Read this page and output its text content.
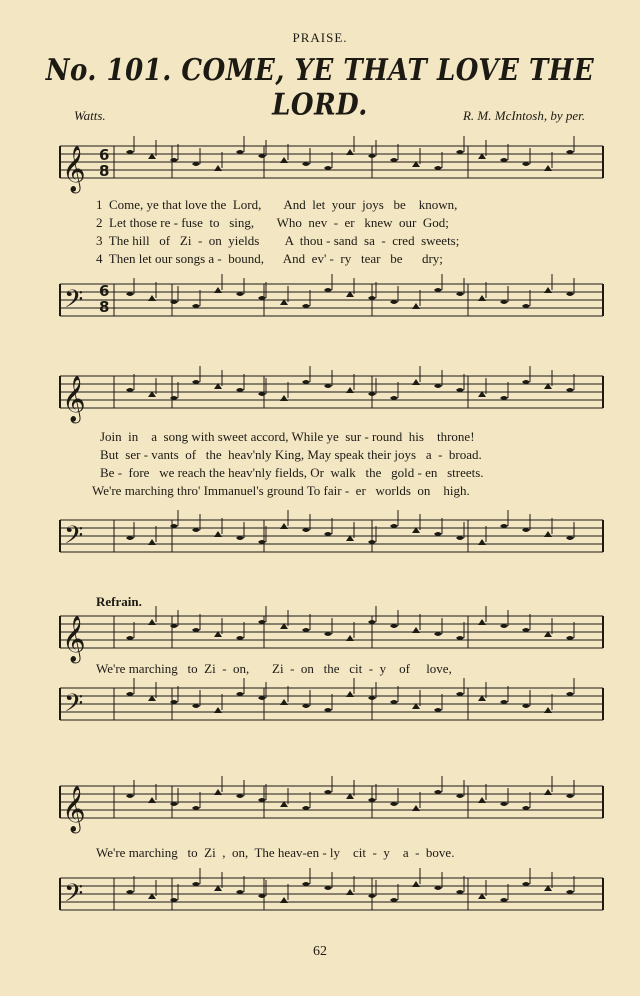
PRAISE.
No. 101. COME, YE THAT LOVE THE LORD.
Watts.	R. M. McIntosh, by per.
𝄞 6
8
1  Come, ye that love the  Lord,       And  let  your  joys   be    known,
2  Let those re - fuse  to   sing,       Who  nev  -  er   knew  our  God;
3  The hill   of   Zi  -  on  yields        A  thou - sand  sa  -  cred  sweets;
4  Then let our songs a -  bound,      And  ev' -  ry   tear   be      dry;
𝄢 6
8
𝄞
Join  in    a  song with sweet accord, While ye  sur - round  his    throne!
But  ser - vants  of   the  heav'nly King, May speak their joys   a  -  broad.
Be -  fore   we reach the heav'nly fields, Or  walk   the   gold - en   streets.
We're marching thro' Immanuel's ground To fair -  er   worlds  on    high.
𝄢
Refrain.
𝄞
We're marching   to  Zi  -  on,       Zi  -  on   the   cit  -  y    of     love,
𝄢
𝄞
We're marching   to  Zi  ,  on,  The heav-en - ly    cit  -  y    a  -  bove.
𝄢
62
